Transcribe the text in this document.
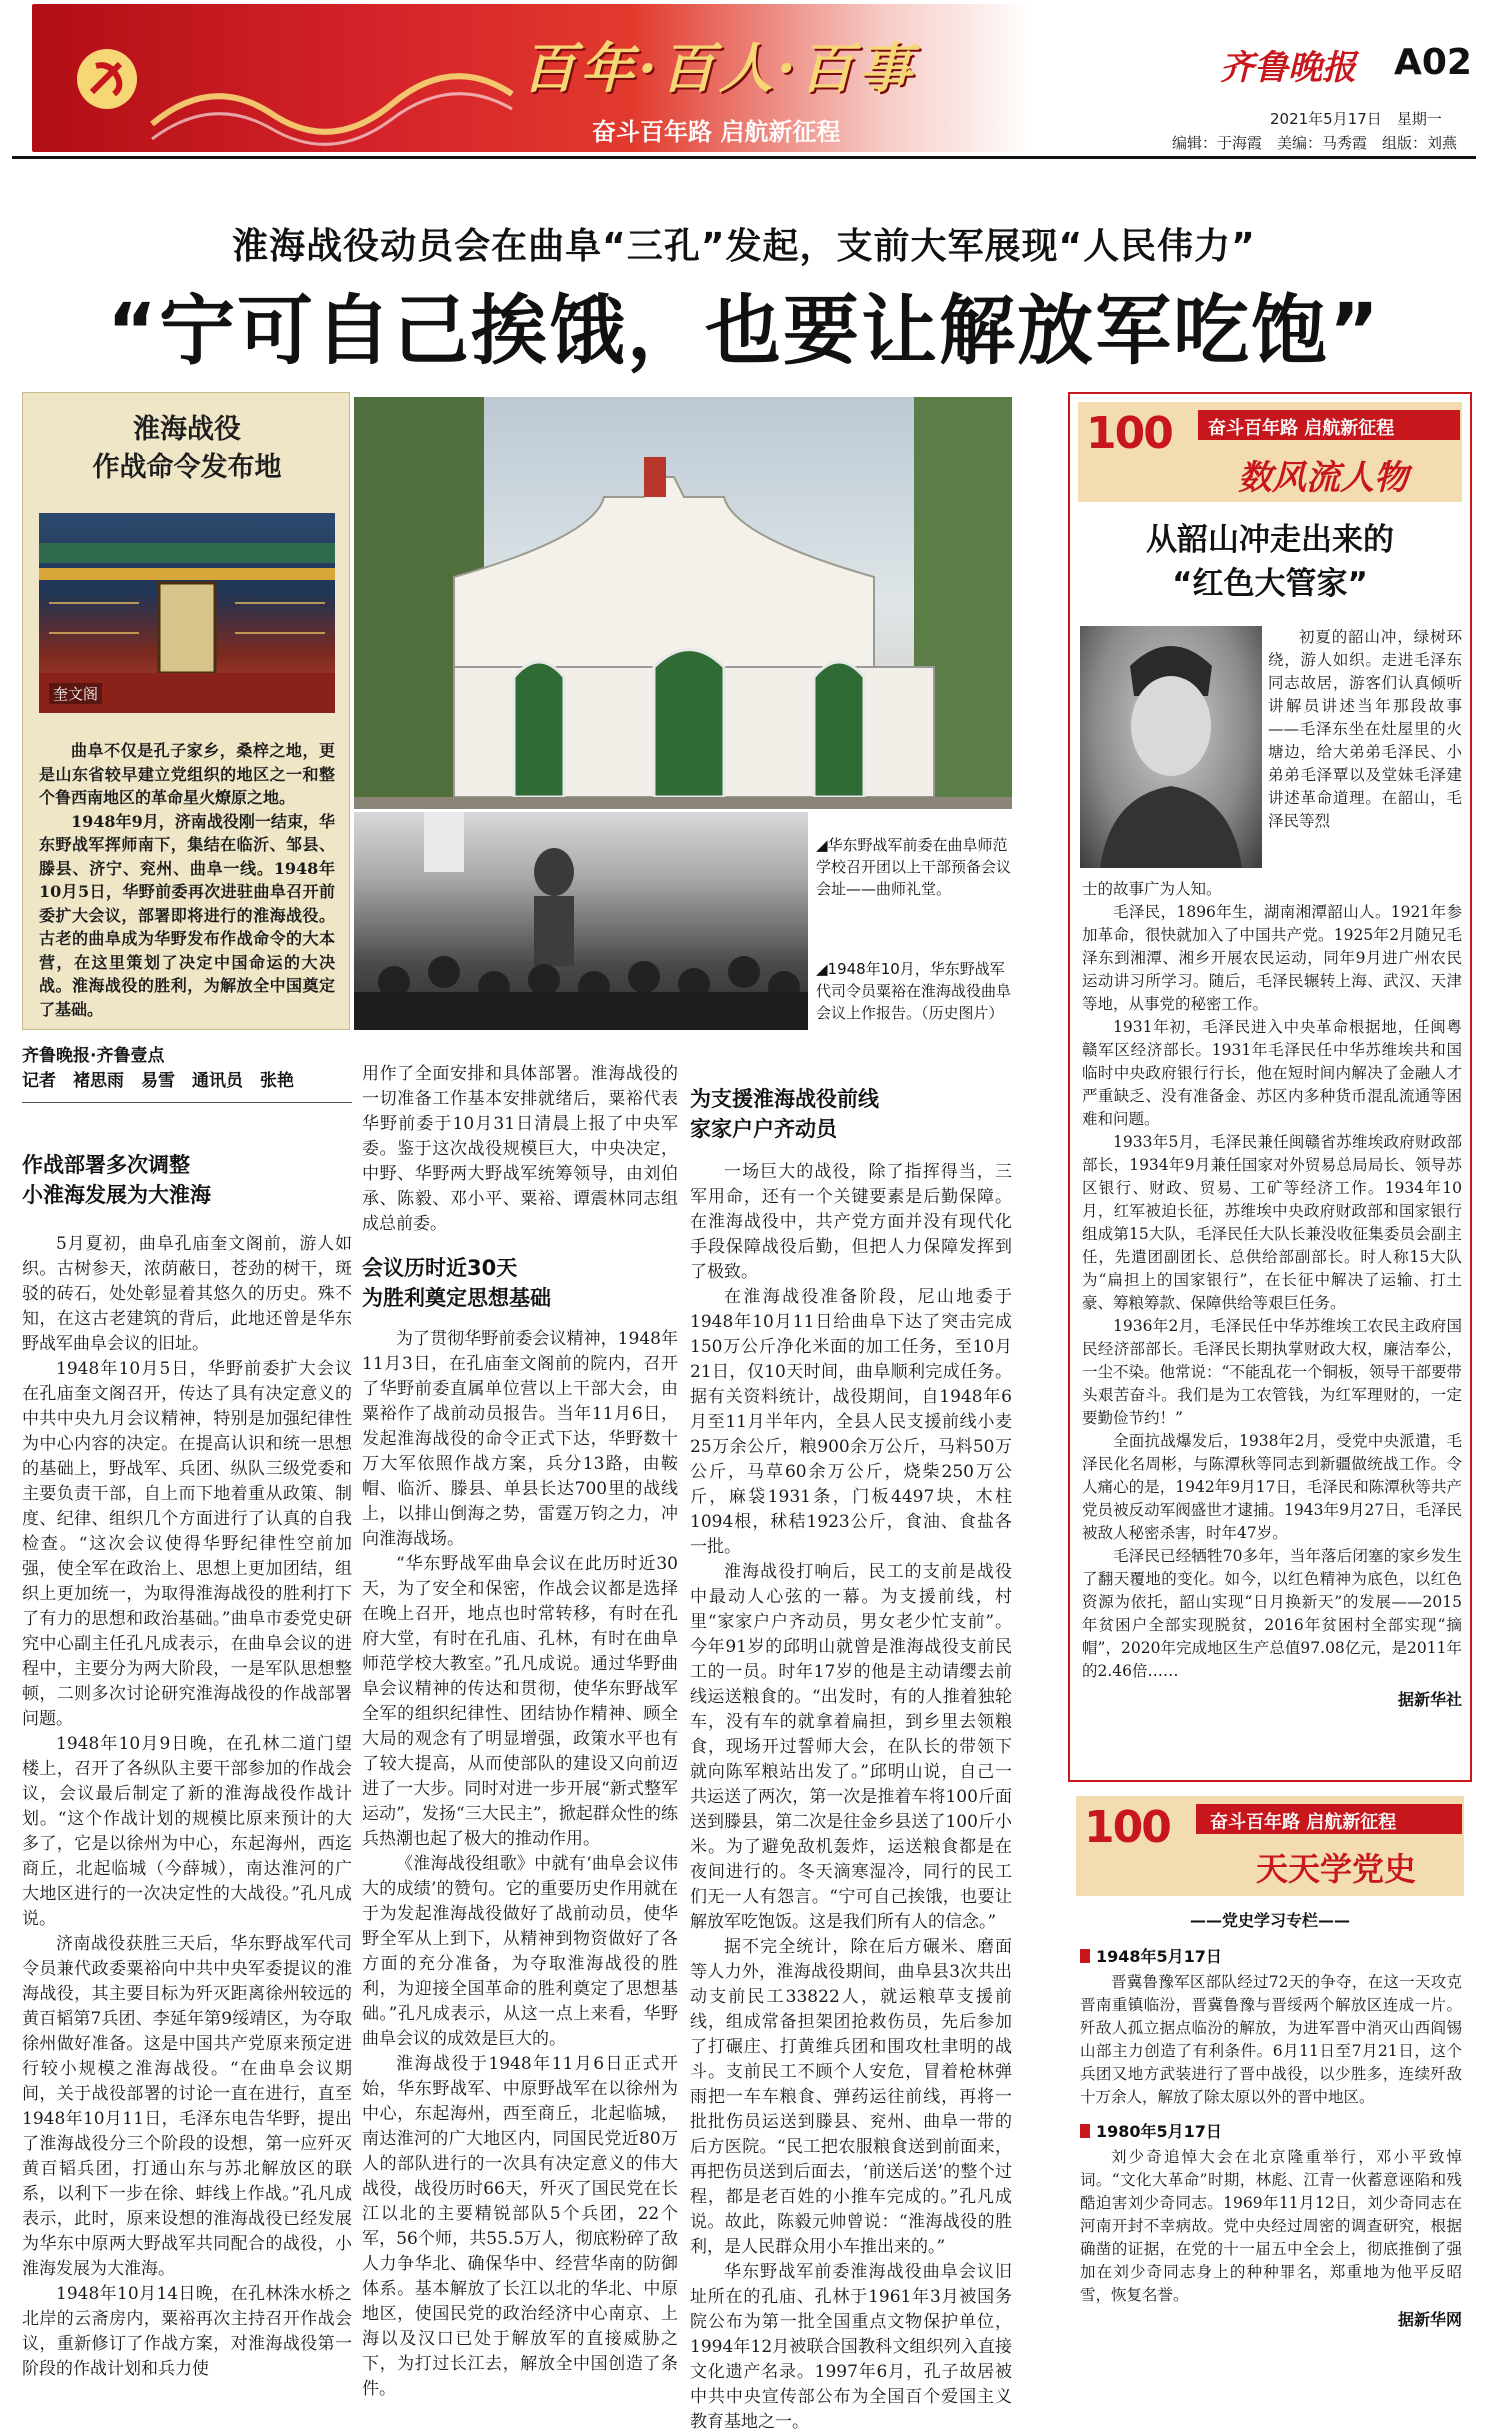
百年·百人·百事
奋斗百年路 启航新征程
齐鲁晚报 A02
2021年5月17日　 星期一
编辑：于海霞　美编：马秀霞　组版：刘燕
淮海战役动员会在曲阜“三孔”发起，支前大军展现“人民伟力”
“宁可自己挨饿，也要让解放军吃饱”
淮海战役
作战命令发布地
奎文阁

曲阜不仅是孔子家乡，桑梓之地，更是山东省较早建立党组织的地区之一和整个鲁西南地区的革命星火燎原之地。

1948年9月，济南战役刚一结束，华东野战军挥师南下，集结在临沂、邹县、滕县、济宁、兖州、曲阜一线。1948年10月5日，华野前委再次进驻曲阜召开前委扩大会议，部署即将进行的淮海战役。古老的曲阜成为华野发布作战命令的大本营，在这里策划了决定中国命运的大决战。淮海战役的胜利，为解放全中国奠定了基础。

◢华东野战军前委在曲阜师范学校召开团以上干部预备会议会址——曲师礼堂。
◢1948年10月，华东野战军代司令员粟裕在淮海战役曲阜会议上作报告。（历史图片）
齐鲁晚报·齐鲁壹点
记者　褚思雨　易雪　通讯员　张艳
作战部署多次调整
小淮海发展为大淮海

5月夏初，曲阜孔庙奎文阁前，游人如织。古树参天，浓荫蔽日，苍劲的树干，斑驳的砖石，处处彰显着其悠久的历史。殊不知，在这古老建筑的背后，此地还曾是华东野战军曲阜会议的旧址。

1948年10月5日，华野前委扩大会议在孔庙奎文阁召开，传达了具有决定意义的中共中央九月会议精神，特别是加强纪律性为中心内容的决定。在提高认识和统一思想的基础上，野战军、兵团、纵队三级党委和主要负责干部，自上而下地着重从政策、制度、纪律、组织几个方面进行了认真的自我检查。“这次会议使得华野纪律性空前加强，使全军在政治上、思想上更加团结，组织上更加统一，为取得淮海战役的胜利打下了有力的思想和政治基础。”曲阜市委党史研究中心副主任孔凡成表示，在曲阜会议的进程中，主要分为两大阶段，一是军队思想整顿，二则多次讨论研究淮海战役的作战部署问题。

1948年10月9日晚，在孔林二道门望楼上，召开了各纵队主要干部参加的作战会议，会议最后制定了新的淮海战役作战计划。“这个作战计划的规模比原来预计的大多了，它是以徐州为中心，东起海州，西迄商丘，北起临城（今薛城），南达淮河的广大地区进行的一次决定性的大战役。”孔凡成说。

济南战役获胜三天后，华东野战军代司令员兼代政委粟裕向中共中央军委提议的淮海战役，其主要目标为歼灭距离徐州较远的黄百韬第7兵团、李延年第9绥靖区，为夺取徐州做好准备。这是中国共产党原来预定进行较小规模之淮海战役。“在曲阜会议期间，关于战役部署的讨论一直在进行，直至1948年10月11日，毛泽东电告华野，提出了淮海战役分三个阶段的设想，第一应歼灭黄百韬兵团，打通山东与苏北解放区的联系，以利下一步在徐、蚌线上作战。”孔凡成表示，此时，原来设想的淮海战役已经发展为华东中原两大野战军共同配合的战役，小淮海发展为大淮海。

1948年10月14日晚，在孔林洙水桥之北岸的云斋房内，粟裕再次主持召开作战会议，重新修订了作战方案，对淮海战役第一阶段的作战计划和兵力使

用作了全面安排和具体部署。淮海战役的一切准备工作基本安排就绪后，粟裕代表华野前委于10月31日清晨上报了中央军委。鉴于这次战役规模巨大，中央决定，中野、华野两大野战军统筹领导，由刘伯承、陈毅、邓小平、粟裕、谭震林同志组成总前委。

会议历时近30天
为胜利奠定思想基础

为了贯彻华野前委会议精神，1948年11月3日，在孔庙奎文阁前的院内，召开了华野前委直属单位营以上干部大会，由粟裕作了战前动员报告。当年11月6日，发起淮海战役的命令正式下达，华野数十万大军依照作战方案，兵分13路，由鞍帽、临沂、滕县、单县长达700里的战线上，以排山倒海之势，雷霆万钧之力，冲向淮海战场。

“华东野战军曲阜会议在此历时近30天，为了安全和保密，作战会议都是选择在晚上召开，地点也时常转移，有时在孔府大堂，有时在孔庙、孔林，有时在曲阜师范学校大教室。”孔凡成说。通过华野曲阜会议精神的传达和贯彻，使华东野战军全军的组织纪律性、团结协作精神、顾全大局的观念有了明显增强，政策水平也有了较大提高，从而使部队的建设又向前迈进了一大步。同时对进一步开展“新式整军运动”，发扬“三大民主”，掀起群众性的练兵热潮也起了极大的推动作用。

《淮海战役组歌》中就有‘曲阜会议伟大的成绩’的赞句。它的重要历史作用就在于为发起淮海战役做好了战前动员，使华野全军从上到下，从精神到物资做好了各方面的充分准备，为夺取淮海战役的胜利，为迎接全国革命的胜利奠定了思想基础。”孔凡成表示，从这一点上来看，华野曲阜会议的成效是巨大的。

淮海战役于1948年11月6日正式开始，华东野战军、中原野战军在以徐州为中心，东起海州，西至商丘，北起临城，南达淮河的广大地区内，同国民党近80万人的部队进行的一次具有决定意义的伟大战役，战役历时66天，歼灭了国民党在长江以北的主要精锐部队5个兵团，22个军，56个师，共55.5万人，彻底粉碎了敌人力争华北、确保华中、经营华南的防御体系。基本解放了长江以北的华北、中原地区，使国民党的政治经济中心南京、上海以及汉口已处于解放军的直接威胁之下，为打过长江去，解放全中国创造了条件。

为支援淮海战役前线
家家户户齐动员

一场巨大的战役，除了指挥得当，三军用命，还有一个关键要素是后勤保障。在淮海战役中，共产党方面并没有现代化手段保障战役后勤，但把人力保障发挥到了极致。

在淮海战役准备阶段，尼山地委于1948年10月11日给曲阜下达了突击完成150万公斤净化米面的加工任务，至10月21日，仅10天时间，曲阜顺利完成任务。据有关资料统计，战役期间，自1948年6月至11月半年内，全县人民支援前线小麦25万余公斤，粮900余万公斤，马料50万公斤，马草60余万公斤，烧柴250万公斤，麻袋1931条，门板4497块，木柱1094根，秫秸1923公斤，食油、食盐各一批。

淮海战役打响后，民工的支前是战役中最动人心弦的一幕。为支援前线，村里“家家户户齐动员，男女老少忙支前”。今年91岁的邱明山就曾是淮海战役支前民工的一员。时年17岁的他是主动请缨去前线运送粮食的。“出发时，有的人推着独轮车，没有车的就拿着扁担，到乡里去领粮食，现场开过誓师大会，在队长的带领下就向陈军粮站出发了。”邱明山说，自己一共运送了两次，第一次是推着车将100斤面送到滕县，第二次是往金乡县送了100斤小米。为了避免敌机轰炸，运送粮食都是在夜间进行的。冬天滴寒湿冷，同行的民工们无一人有怨言。“宁可自己挨饿，也要让解放军吃饱饭。这是我们所有人的信念。”

据不完全统计，除在后方碾米、磨面等人力外，淮海战役期间，曲阜县3次共出动支前民工33822人，就运粮草支援前线，组成常备担架团抢救伤员，先后参加了打碾庄、打黄维兵团和围攻杜聿明的战斗。支前民工不顾个人安危，冒着枪林弹雨把一车车粮食、弹药运往前线，再将一批批伤员运送到滕县、兖州、曲阜一带的后方医院。“民工把农服粮食送到前面来，再把伤员送到后面去，‘前送后送’的整个过程，都是老百姓的小推车完成的。”孔凡成说。故此，陈毅元帅曾说：“淮海战役的胜利，是人民群众用小车推出来的。”

华东野战军前委淮海战役曲阜会议旧址所在的孔庙、孔林于1961年3月被国务院公布为第一批全国重点文物保护单位，1994年12月被联合国教科文组织列入直接文化遗产名录。1997年6月，孔子故居被中共中央宣传部公布为全国百个爱国主义教育基地之一。

100 奋斗百年路 启航新征程
数风流人物
从韶山冲走出来的
“红色大管家”

初夏的韶山冲，绿树环绕，游人如织。走进毛泽东同志故居，游客们认真倾听讲解员讲述当年那段故事——毛泽东坐在灶屋里的火塘边，给大弟弟毛泽民、小弟弟毛泽覃以及堂妹毛泽建讲述革命道理。在韶山，毛泽民等烈

士的故事广为人知。

毛泽民，1896年生，湖南湘潭韶山人。1921年参加革命，很快就加入了中国共产党。1925年2月随兄毛泽东到湘潭、湘乡开展农民运动，同年9月进广州农民运动讲习所学习。随后，毛泽民辗转上海、武汉、天津等地，从事党的秘密工作。

1931年初，毛泽民进入中央革命根据地，任闽粤赣军区经济部长。1931年毛泽民任中华苏维埃共和国临时中央政府银行行长，他在短时间内解决了金融人才严重缺乏、没有准备金、苏区内多种货币混乱流通等困难和问题。

1933年5月，毛泽民兼任闽赣省苏维埃政府财政部部长，1934年9月兼任国家对外贸易总局局长、领导苏区银行、财政、贸易、工矿等经济工作。1934年10月，红军被迫长征，苏维埃中央政府财政部和国家银行组成第15大队，毛泽民任大队长兼没收征集委员会副主任，先遣团副团长、总供给部副部长。时人称15大队为“扁担上的国家银行”，在长征中解决了运输、打土豪、筹粮筹款、保障供给等艰巨任务。

1936年2月，毛泽民任中华苏维埃工农民主政府国民经济部部长。毛泽民长期执掌财政大权，廉洁奉公，一尘不染。他常说：“不能乱花一个铜板，领导干部要带头艰苦奋斗。我们是为工农管钱，为红军理财的，一定要勤俭节约！”

全面抗战爆发后，1938年2月，受党中央派遣，毛泽民化名周彬，与陈潭秋等同志到新疆做统战工作。令人痛心的是，1942年9月17日，毛泽民和陈潭秋等共产党员被反动军阀盛世才逮捕。1943年9月27日，毛泽民被敌人秘密杀害，时年47岁。

毛泽民已经牺牲70多年，当年落后闭塞的家乡发生了翻天覆地的变化。如今，以红色精神为底色，以红色资源为依托，韶山实现“日月换新天”的发展——2015年贫困户全部实现脱贫，2016年贫困村全部实现“摘帽”，2020年完成地区生产总值97.08亿元，是2011年的2.46倍……

据新华社
100 奋斗百年路 启航新征程
天天学党史
——党史学习专栏——
1948年5月17日

晋冀鲁豫军区部队经过72天的争夺，在这一天攻克晋南重镇临汾，晋冀鲁豫与晋绥两个解放区连成一片。歼敌人孤立据点临汾的解放，为进军晋中消灭山西阎锡山部主力创造了有利条件。6月11日至7月21日，这个兵团又地方武装进行了晋中战役，以少胜多，连续歼敌十万余人，解放了除太原以外的晋中地区。

1980年5月17日

刘少奇追悼大会在北京隆重举行，邓小平致悼词。“文化大革命”时期，林彪、江青一伙蓄意诬陷和残酷迫害刘少奇同志。1969年11月12日，刘少奇同志在河南开封不幸病故。党中央经过周密的调查研究，根据确凿的证据，在党的十一届五中全会上，彻底推倒了强加在刘少奇同志身上的种种罪名，郑重地为他平反昭雪，恢复名誉。

据新华网
